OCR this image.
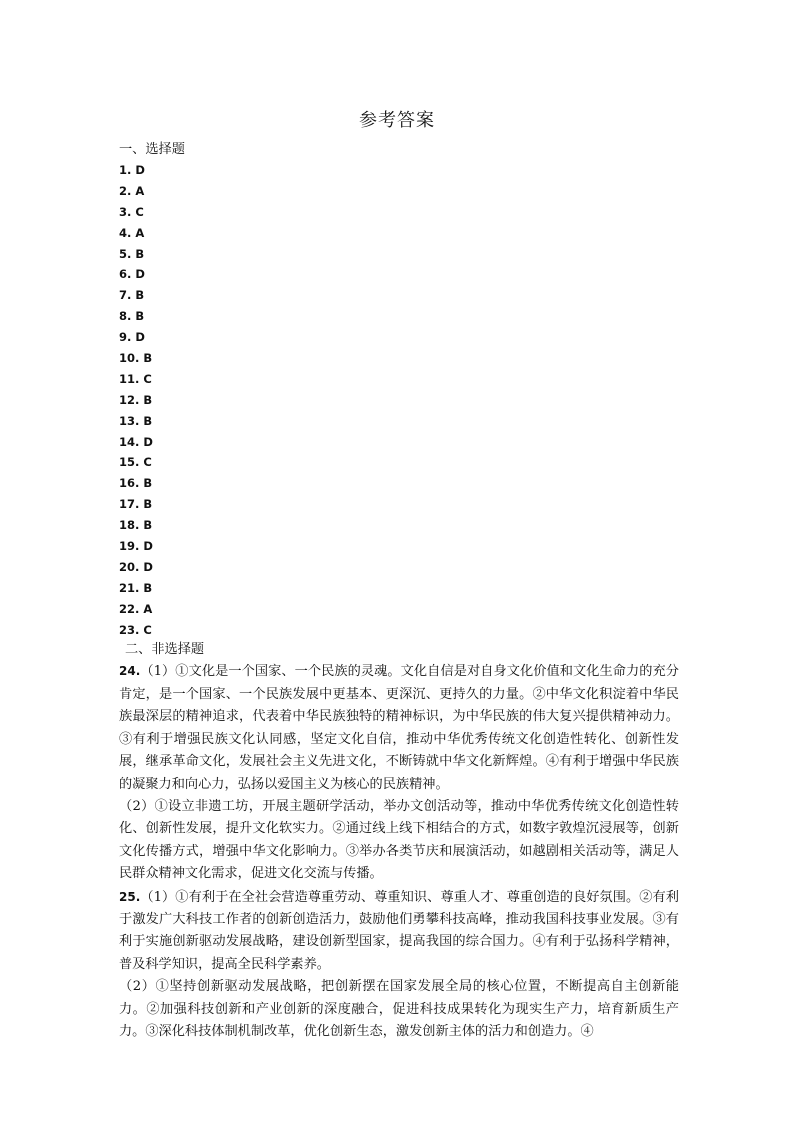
参考答案
一、选择题
1. D
2. A
3. C
4. A
5. B
6. D
7. B
8. B
9. D
10. B
11. C
12. B
13. B
14. D
15. C
16. B
17. B
18. B
19. D
20. D
21. B
22. A
23. C
二、非选择题
24.（1）①文化是一个国家、一个民族的灵魂。文化自信是对自身文化价值和文化生命力的充分肯定，是一个国家、一个民族发展中更基本、更深沉、更持久的力量。②中华文化积淀着中华民族最深层的精神追求，代表着中华民族独特的精神标识，为中华民族的伟大复兴提供精神动力。③有利于增强民族文化认同感，坚定文化自信，推动中华优秀传统文化创造性转化、创新性发展，继承革命文化，发展社会主义先进文化，不断铸就中华文化新辉煌。④有利于增强中华民族的凝聚力和向心力，弘扬以爱国主义为核心的民族精神。
（2）①设立非遗工坊，开展主题研学活动，举办文创活动等，推动中华优秀传统文化创造性转化、创新性发展，提升文化软实力。②通过线上线下相结合的方式，如数字敦煌沉浸展等，创新文化传播方式，增强中华文化影响力。③举办各类节庆和展演活动，如越剧相关活动等，满足人民群众精神文化需求，促进文化交流与传播。
25.（1）①有利于在全社会营造尊重劳动、尊重知识、尊重人才、尊重创造的良好氛围。②有利于激发广大科技工作者的创新创造活力，鼓励他们勇攀科技高峰，推动我国科技事业发展。③有利于实施创新驱动发展战略，建设创新型国家，提高我国的综合国力。④有利于弘扬科学精神，普及科学知识，提高全民科学素养。
（2）①坚持创新驱动发展战略，把创新摆在国家发展全局的核心位置，不断提高自主创新能力。②加强科技创新和产业创新的深度融合，促进科技成果转化为现实生产力，培育新质生产力。③深化科技体制机制改革，优化创新生态，激发创新主体的活力和创造力。④
